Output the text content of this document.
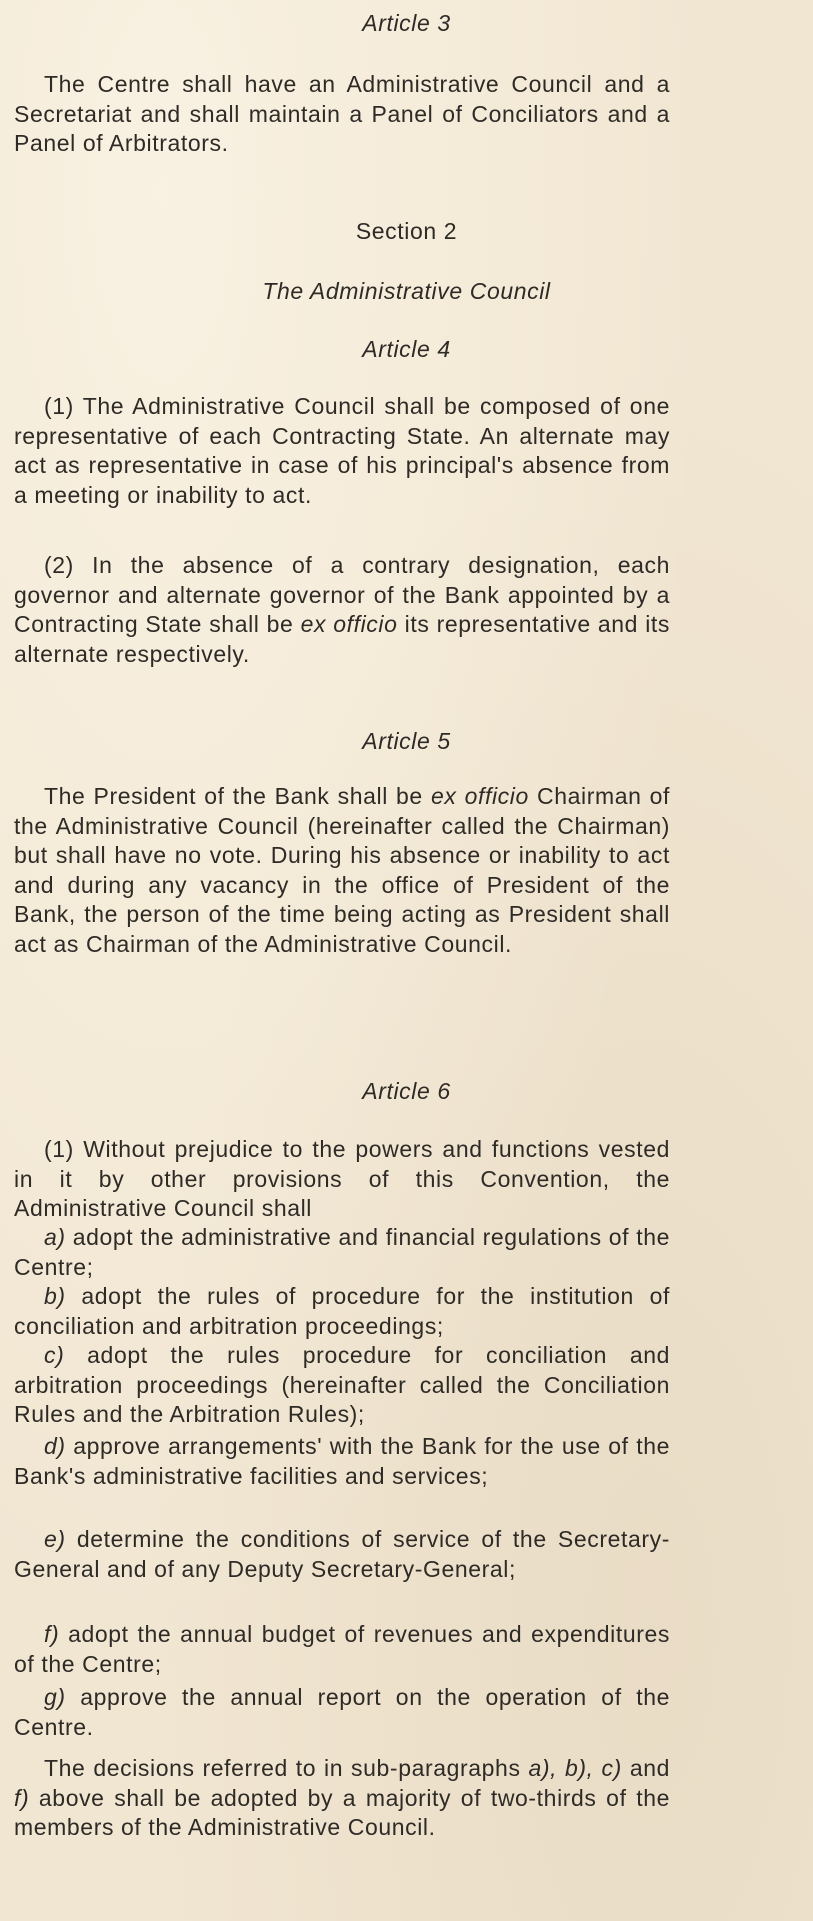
Article 3

The Centre shall have an Administrative Council and a Secretariat and shall maintain a Panel of Conciliators and a Panel of Arbitrators.

Section 2

The Administrative Council

Article 4

(1) The Administrative Council shall be composed of one representative of each Contracting State. An alternate may act as representative in case of his principal's absence from a meeting or inability to act.

(2) In the absence of a contrary designation, each governor and alternate governor of the Bank appointed by a Contracting State shall be ex officio its representative and its alternate respectively.

Article 5

The President of the Bank shall be ex officio Chairman of the Administrative Council (hereinafter called the Chairman) but shall have no vote. During his absence or inability to act and during any vacancy in the office of President of the Bank, the person of the time being acting as President shall act as Chairman of the Administrative Council.

Article 6

(1) Without prejudice to the powers and functions vested in it by other provisions of this Convention, the Administrative Council shall

a) adopt the administrative and financial regulations of the Centre;

b) adopt the rules of procedure for the institution of conciliation and arbitration proceedings;

c) adopt the rules procedure for conciliation and arbitration proceedings (hereinafter called the Conciliation Rules and the Arbitration Rules);

d) approve arrangements' with the Bank for the use of the Bank's administrative facilities and services;

e) determine the conditions of service of the Secretary-General and of any Deputy Secretary-General;

f) adopt the annual budget of revenues and expenditures of the Centre;

g) approve the annual report on the operation of the Centre.

The decisions referred to in sub-paragraphs a), b), c) and f) above shall be adopted by a majority of two-thirds of the members of the Administrative Council.
